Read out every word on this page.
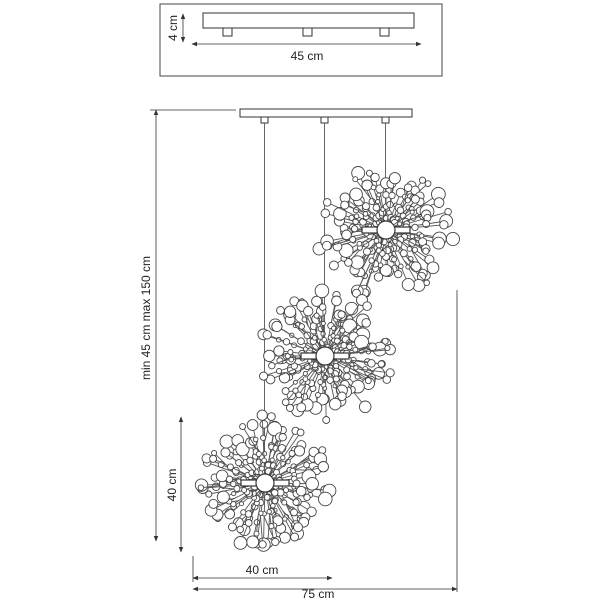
4 cm
45 cm
min 45 cm max 150 cm
40 cm
40 cm
75 cm
